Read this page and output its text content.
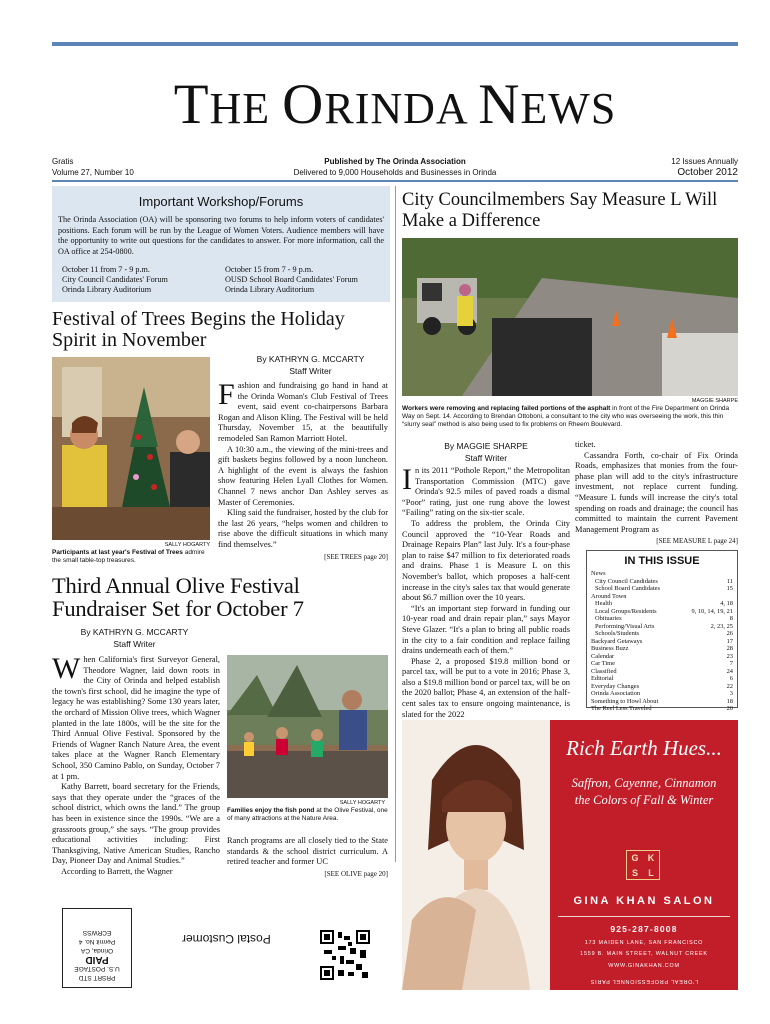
THE ORINDA NEWS
Gratis
Volume 27, Number 10
Published by The Orinda Association
Delivered to 9,000 Households and Businesses in Orinda
12 Issues Annually
October 2012
Important Workshop/Forums

The Orinda Association (OA) will be sponsoring two forums to help inform voters of candidates' positions. Each forum will be run by the League of Women Voters. Audience members will have the opportunity to write out questions for the candidates to answer. For more information, call the OA office at 254-0800.

October 11 from 7 - 9 p.m.
City Council Candidates' Forum
Orinda Library Auditorium
October 15 from 7 - 9 p.m.
OUSD School Board Candidates' Forum
Orinda Library Auditorium
Festival of Trees Begins the Holiday Spirit in November
By KATHRYN G. MCCARTY
Staff Writer
SALLY HOGARTY
Participants at last year's Festival of Trees admire the small table-top treasures.

Fashion and fundraising go hand in hand at the Orinda Woman's Club Festival of Trees event, said event co-chairpersons Barbara Rogan and Alison Kling. The Festival will be held Thursday, November 15, at the beautifully remodeled San Ramon Marriott Hotel.

A 10:30 a.m., the viewing of the mini-trees and gift baskets begins followed by a noon luncheon. A highlight of the event is always the fashion show featuring Helen Lyall Clothes for Women. Channel 7 news anchor Dan Ashley serves as Master of Ceremonies.

Kling said the fundraiser, hosted by the club for the last 26 years, “helps women and children to rise above the difficult situations in which many find themselves.”

[SEE TREES page 20]
Third Annual Olive Festival
Fundraiser Set for October 7
By KATHRYN G. MCCARTY
Staff Writer

When California's first Surveyor General, Theodore Wagner, laid down roots in the City of Orinda and helped establish the town's first school, did he imagine the type of legacy he was establishing? Some 130 years later, the orchard of Mission Olive trees, which Wagner planted in the late 1800s, will be the site for the Third Annual Olive Festival. Sponsored by the Friends of Wagner Ranch Nature Area, the event takes place at the Wagner Ranch Elementary School, 350 Camino Pablo, on Sunday, October 7 at 1 pm.

Kathy Barrett, board secretary for the Friends, says that they operate under the “graces of the school district, which owns the land.” The group has been in existence since the 1990s. “We are a grassroots group,” she says. “The group provides educational activities including: First Thanksgiving, Native American Studies, Rancho Day, Pioneer Day and Animal Studies.”

According to Barrett, the Wagner

SALLY HOGARTY
Families enjoy the fish pond at the Olive Festival, one of many attractions at the Nature Area.

Ranch programs are all closely tied to the State standards & the school district curriculum. A retired teacher and former UC

[SEE OLIVE page 20]
City Councilmembers Say Measure L Will Make a Difference
MAGGIE SHARPE
Workers were removing and replacing failed portions of the asphalt in front of the Fire Department on Orinda Way on Sept. 14. According to Brendan Ottoboni, a consultant to the city who was overseeing the work, this thin “slurry seal” method is also being used to fix problems on Rheem Boulevard.
By MAGGIE SHARPE
Staff Writer

In its 2011 “Pothole Report,” the Metropolitan Transportation Commission (MTC) gave Orinda's 92.5 miles of paved roads a dismal “Poor” rating, just one rung above the lowest “Failing” rating on the six-tier scale.

To address the problem, the Orinda City Council approved the “10-Year Roads and Drainage Repairs Plan” last July. It's a four-phase plan to raise $47 million to fix deteriorated roads and drains. Phase 1 is Measure L on this November's ballot, which proposes a half-cent increase in the city's sales tax that would generate about $6.7 million over the 10 years.

“It's an important step forward in funding our 10-year road and drain repair plan,” says Mayor Steve Glazer. “It's a plan to bring all public roads in the city to a fair condition and replace failing drains underneath each of them.”

Phase 2, a proposed $19.8 million bond or parcel tax, will be put to a vote in 2016; Phase 3, also a $19.8 million bond or parcel tax, will be on the 2020 ballot; Phase 4, an extension of the half-cent sales tax to ensure ongoing maintenance, is slated for the 2022

ticket.

Cassandra Forth, co-chair of Fix Orinda Roads, emphasizes that monies from the four-phase plan will add to the city's infrastructure investment, not replace current funding. “Measure L funds will increase the city's total spending on roads and drainage; the council has committed to maintain the current Pavement Management Program as

[SEE MEASURE L page 24]
IN THIS ISSUE
News
City Council Candidates	11
School Board Candidates	15
Around Town
Health	4, 18
Local Groups/Residents	9, 10, 14, 19, 21
Obituaries	8
Performing/Visual Arts	2, 23, 25
Schools/Students	26
Backyard Getaways	17
Business Buzz	28
Calendar	23
Car Time	7
Classified	24
Editorial	6
Everyday Changes	22
Orinda Association	3
Something to Howl About	18
The Reel Less Traveled	20
Rich Earth Hues...
Saffron, Cayenne, Cinnamon
the Colors of Fall & Winter
G	K
S	L
GINA KHAN SALON
925-287-8008
173 MAIDEN LANE, SAN FRANCISCO
1559 B. MAIN STREET, WALNUT CREEK
WWW.GINAKHAN.COM
L'OREAL PROFESSIONNEL PARIS
PRSRT STD
U.S. POSTAGE
PAID
Orinda, CA
Permit No. 4
ECRWSS	Postal Customer
